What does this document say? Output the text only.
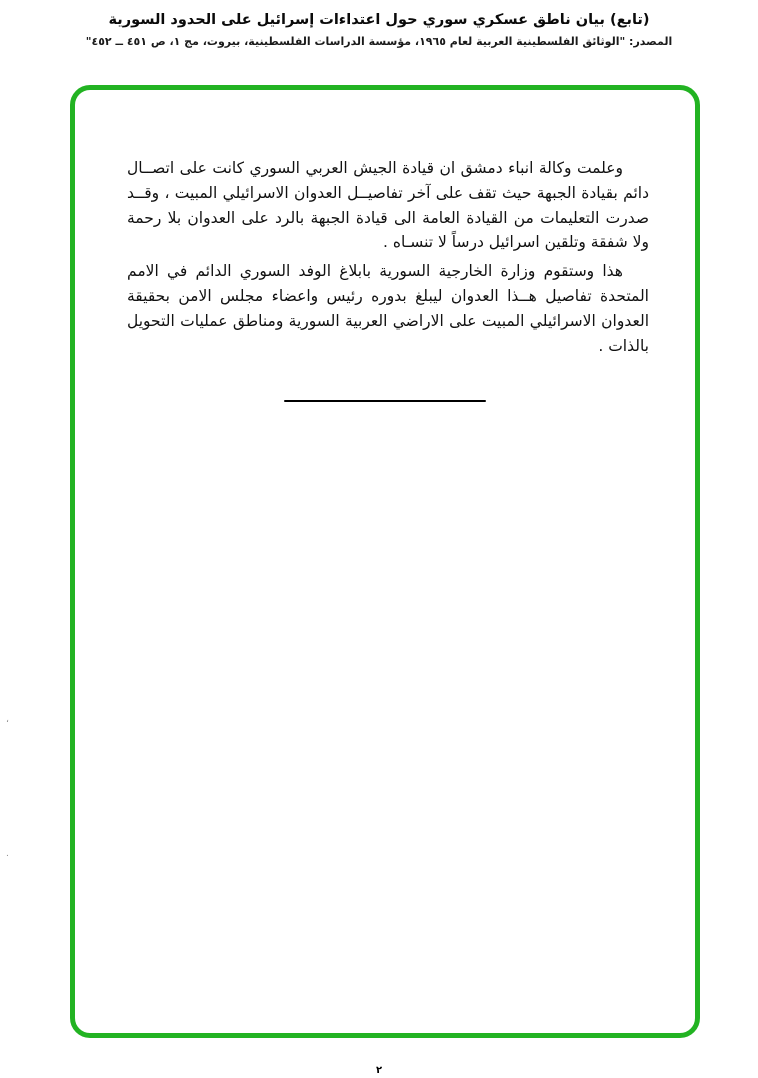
(تابع) بيان ناطق عسكري سوري حول اعتداءات إسرائيل على الحدود السورية
المصدر: "الوثائق الفلسطينية العربية لعام ١٩٦٥، مؤسسة الدراسات الفلسطينية، بيروت، مج ١، ص ٤٥١ ــ ٤٥٢"

وعلمت وكالة انباء دمشق ان قيادة الجيش العربي السوري كانت على اتصــال دائم بقيادة الجبهة حيث تقف على آخر تفاصيــل العدوان الاسرائيلي المبيت ، وقــد صدرت التعليمات من القيادة العامة الى قيادة الجبهة بالرد على العدوان بلا رحمة ولا شفقة وتلقين اسرائيل درساً لا تنسـاه .

هذا وستقوم وزارة الخارجية السورية بابلاغ الوفد السوري الدائم في الامم المتحدة تفاصيل هــذا العدوان ليبلغ بدوره رئيس واعضاء مجلس الامن بحقيقة العدوان الاسرائيلي المبيت على الاراضي العربية السورية ومناطق عمليات التحويل بالذات .

،
.
٢
